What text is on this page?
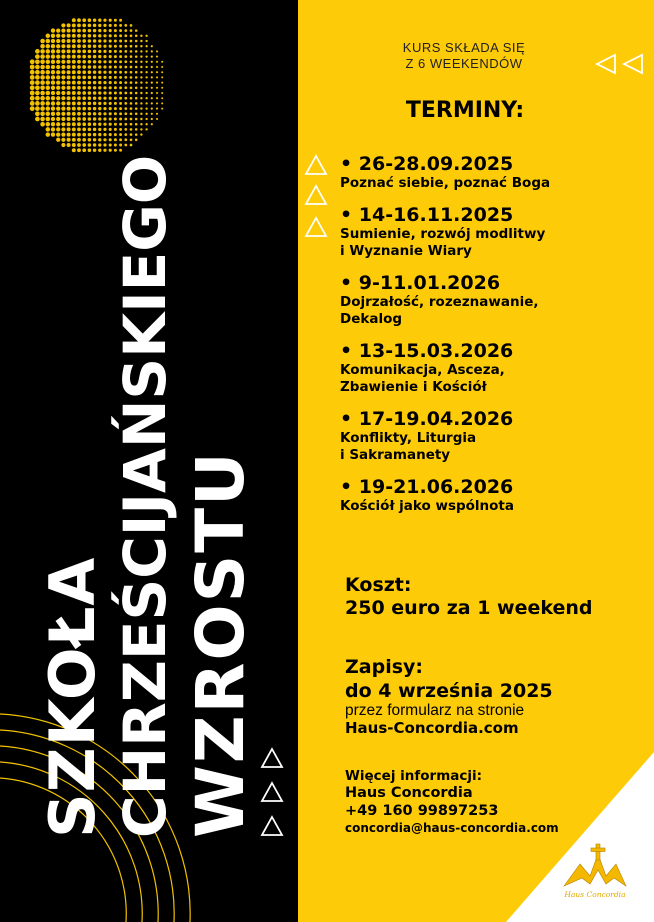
SZKOŁA CHRZEŚCIJAŃSKIEGO WZROSTU
KURS SKŁADA SIĘ
Z 6 WEEKENDÓW
TERMINY:
• 26-28.09.2025
Poznać siebie, poznać Boga
• 14-16.11.2025
Sumienie, rozwój modlitwy
i Wyznanie Wiary
• 9-11.01.2026
Dojrzałość, rozeznawanie,
Dekalog
• 13-15.03.2026
Komunikacja, Asceza,
Zbawienie i Kościół
• 17-19.04.2026
Konflikty, Liturgia
i Sakramanety
• 19-21.06.2026
Kościół jako wspólnota
Koszt:
250 euro za 1 weekend
Zapisy:
do 4 września 2025
przez formularz na stronie
Haus-Concordia.com
Więcej informacji:
Haus Concordia
+49 160 99897253
concordia@haus-concordia.com
Haus Concordia
